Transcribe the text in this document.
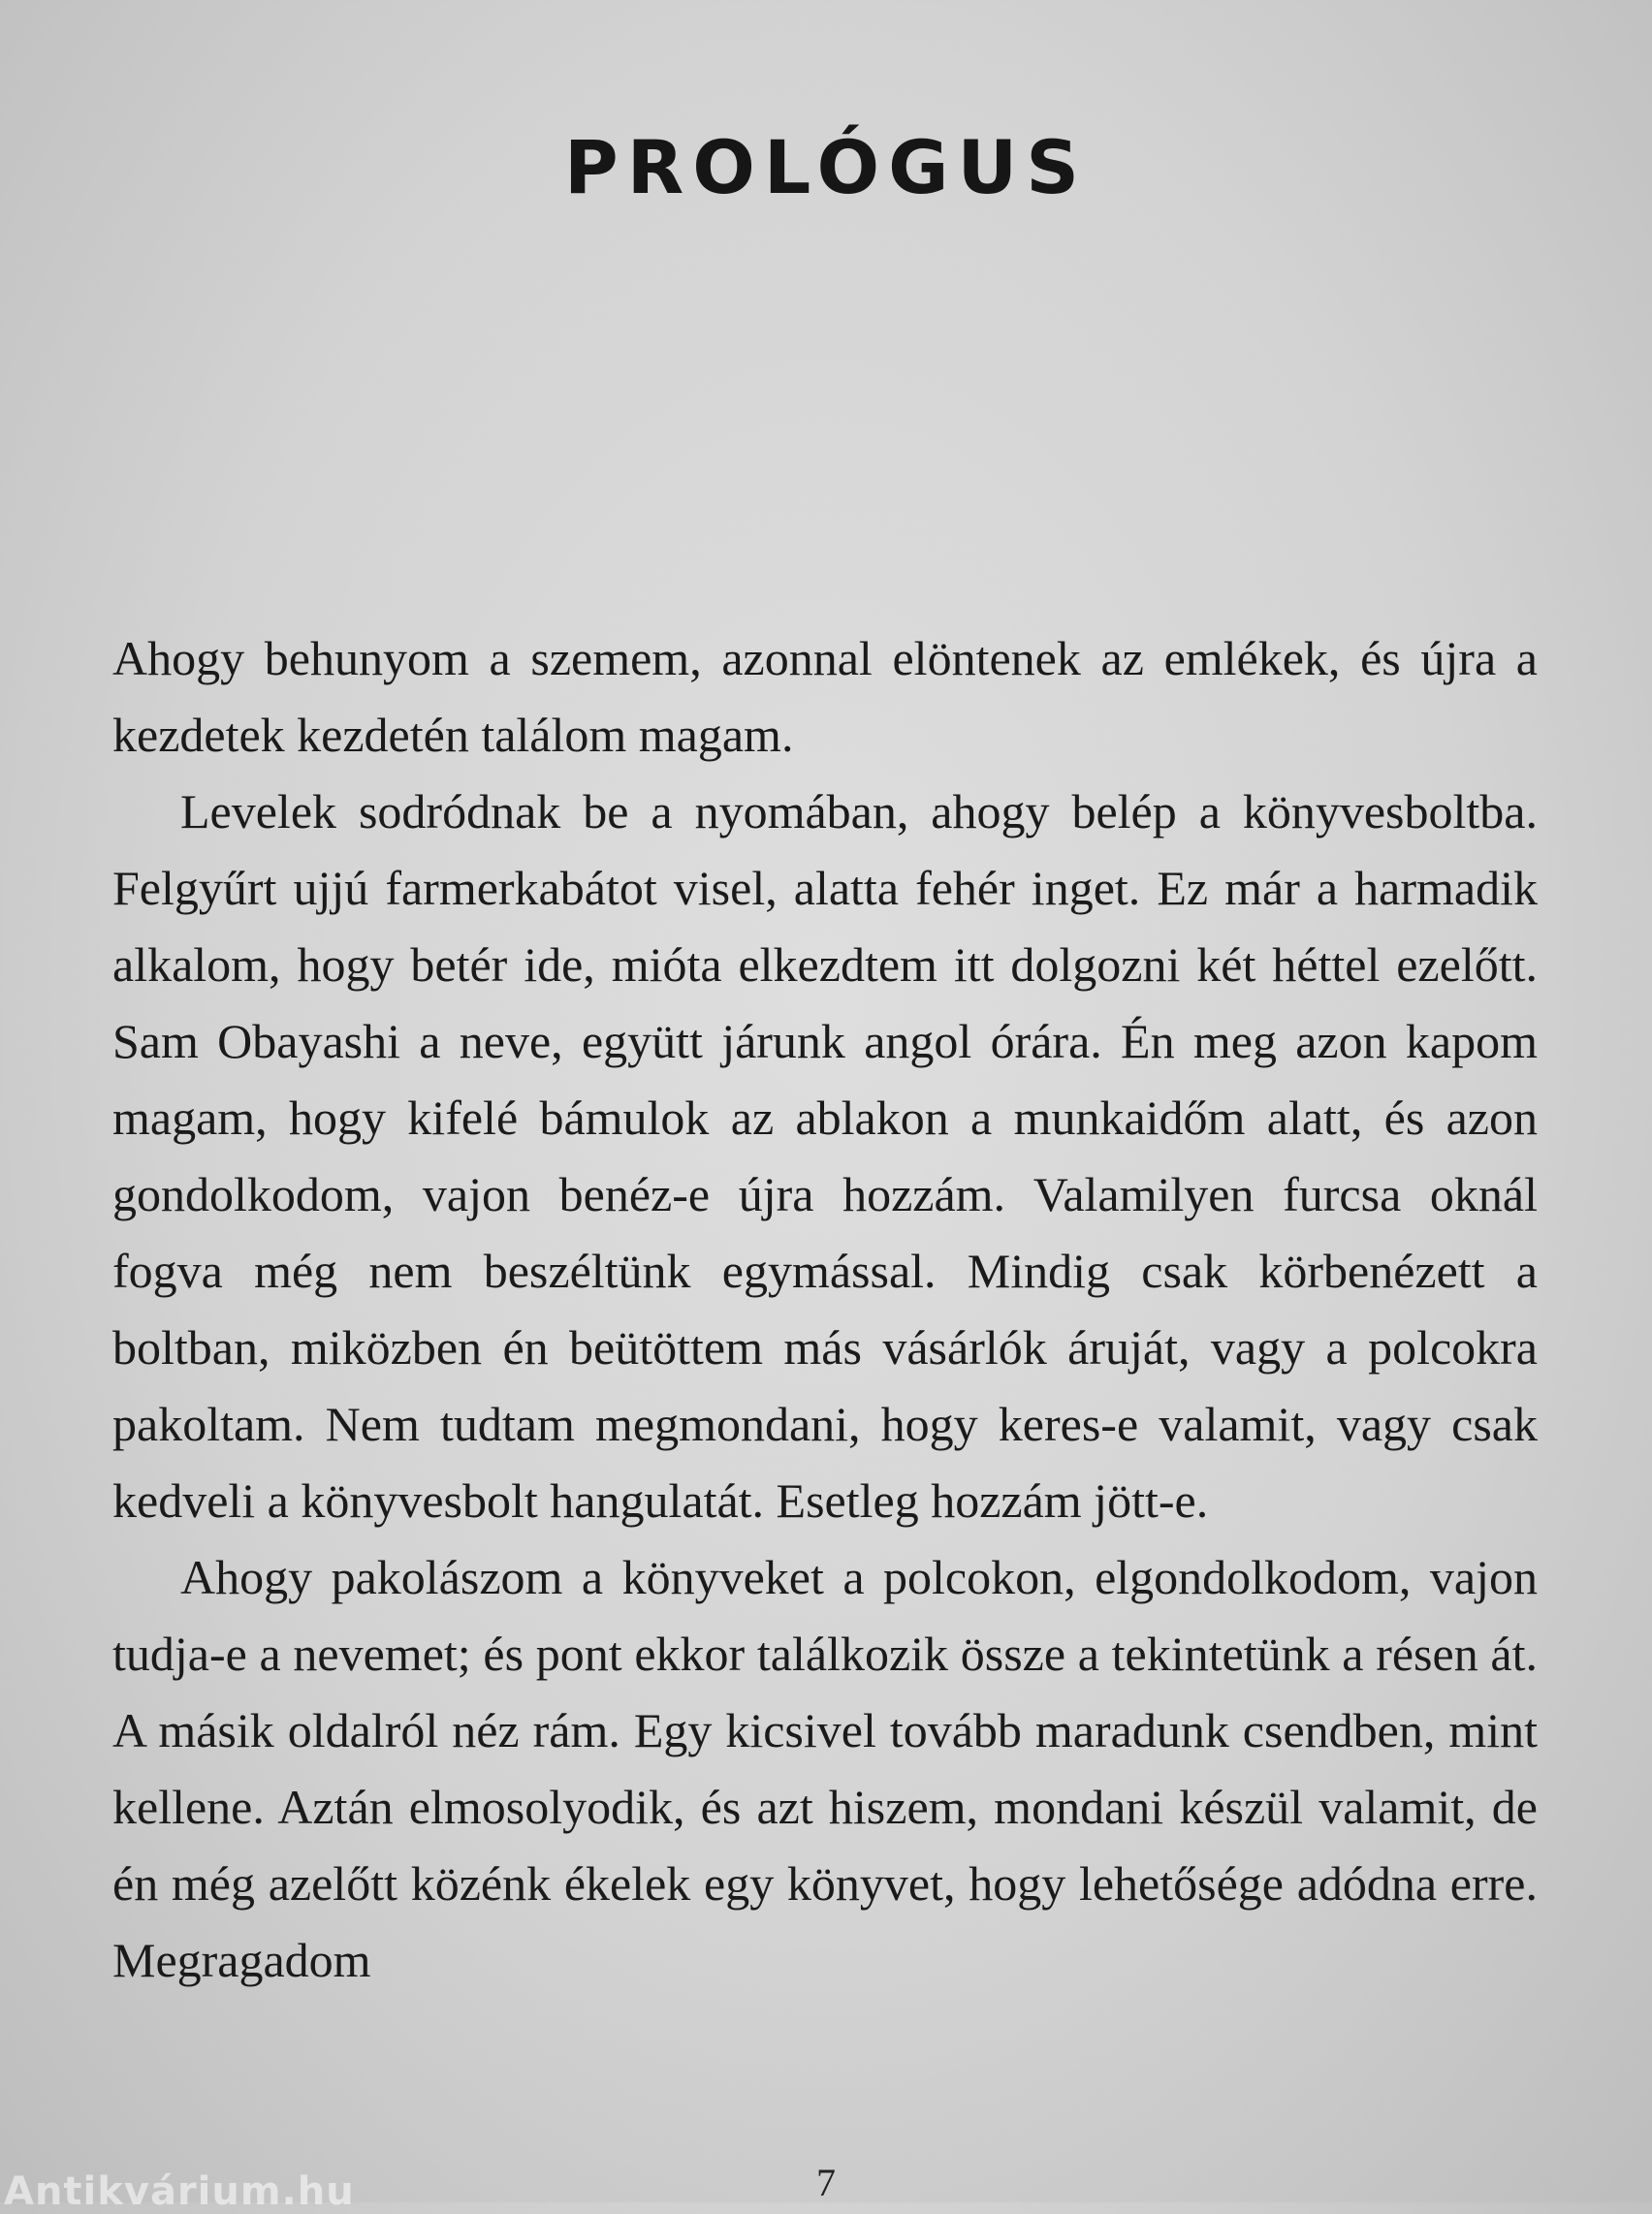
PROLÓGUS

Ahogy behunyom a szemem, azonnal elöntenek az emlékek, és újra a kezdetek kezdetén találom magam.

Levelek sodródnak be a nyomában, ahogy belép a könyvesboltba. Felgyűrt ujjú farmerkabátot visel, alatta fehér inget. Ez már a harmadik alkalom, hogy betér ide, mióta elkezdtem itt dolgozni két héttel ezelőtt. Sam Obayashi a neve, együtt járunk angol órára. Én meg azon kapom magam, hogy kifelé bámulok az ablakon a munkaidőm alatt, és azon gondolkodom, vajon benéz-e újra hozzám. Valamilyen furcsa oknál fogva még nem beszéltünk egymással. Mindig csak körbenézett a boltban, miközben én beütöttem más vásárlók áruját, vagy a polcokra pakoltam. Nem tudtam megmondani, hogy keres-e valamit, vagy csak kedveli a könyvesbolt hangulatát. Esetleg hozzám jött-e.

Ahogy pakolászom a könyveket a polcokon, elgondolkodom, vajon tudja-e a nevemet; és pont ekkor találkozik össze a tekintetünk a résen át. A másik oldalról néz rám. Egy kicsivel tovább maradunk csendben, mint kellene. Aztán elmosolyodik, és azt hiszem, mondani készül valamit, de én még azelőtt közénk ékelek egy könyvet, hogy lehetősége adódna erre. Megragadom

7
Antikvárium.hu
